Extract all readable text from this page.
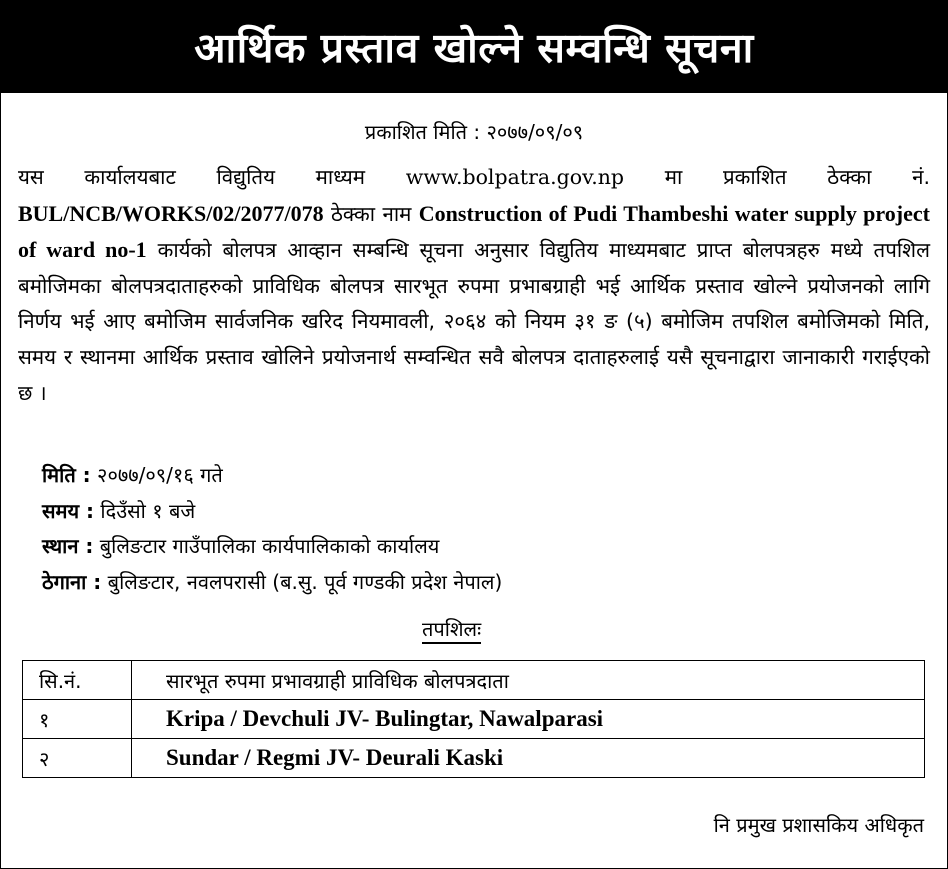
आर्थिक प्रस्ताव खोल्ने सम्वन्धि सूचना
प्रकाशित मिति : २०७७/०९/०९
यस कार्यालयबाट विद्युतिय माध्यम www.bolpatra.gov.np मा प्रकाशित ठेक्का नं. BUL/NCB/WORKS/02/2077/078 ठेक्का नाम Construction of Pudi Thambeshi water supply project of ward no-1 कार्यको बोलपत्र आव्हान सम्बन्धि सूचना अनुसार विद्युतिय माध्यमबाट प्राप्त बोलपत्रहरु मध्ये तपशिल बमोजिमका बोलपत्रदाताहरुको प्राविधिक बोलपत्र सारभूत रुपमा प्रभाबग्राही भई आर्थिक प्रस्ताव खोल्ने प्रयोजनको लागि निर्णय भई आए बमोजिम सार्वजनिक खरिद नियमावली, २०६४ को नियम ३१ ङ (५) बमोजिम तपशिल बमोजिमको मिति, समय र स्थानमा आर्थिक प्रस्ताव खोलिने प्रयोजनार्थ सम्वन्धित सवै बोलपत्र दाताहरुलाई यसै सूचनाद्वारा जानाकारी गराईएको छ ।
मिति : २०७७/०९/१६ गते
समय : दिउँसो १ बजे
स्थान : बुलिङटार गाउँपालिका कार्यपालिकाको कार्यालय
ठेगाना : बुलिङटार, नवलपरासी (ब.सु. पूर्व गण्डकी प्रदेश नेपाल)
तपशिलः
सि.नं.	सारभूत रुपमा प्रभावग्राही प्राविधिक बोलपत्रदाता
१	Kripa / Devchuli JV- Bulingtar, Nawalparasi
२	Sundar / Regmi JV- Deurali Kaski
नि प्रमुख प्रशासकिय अधिकृत
